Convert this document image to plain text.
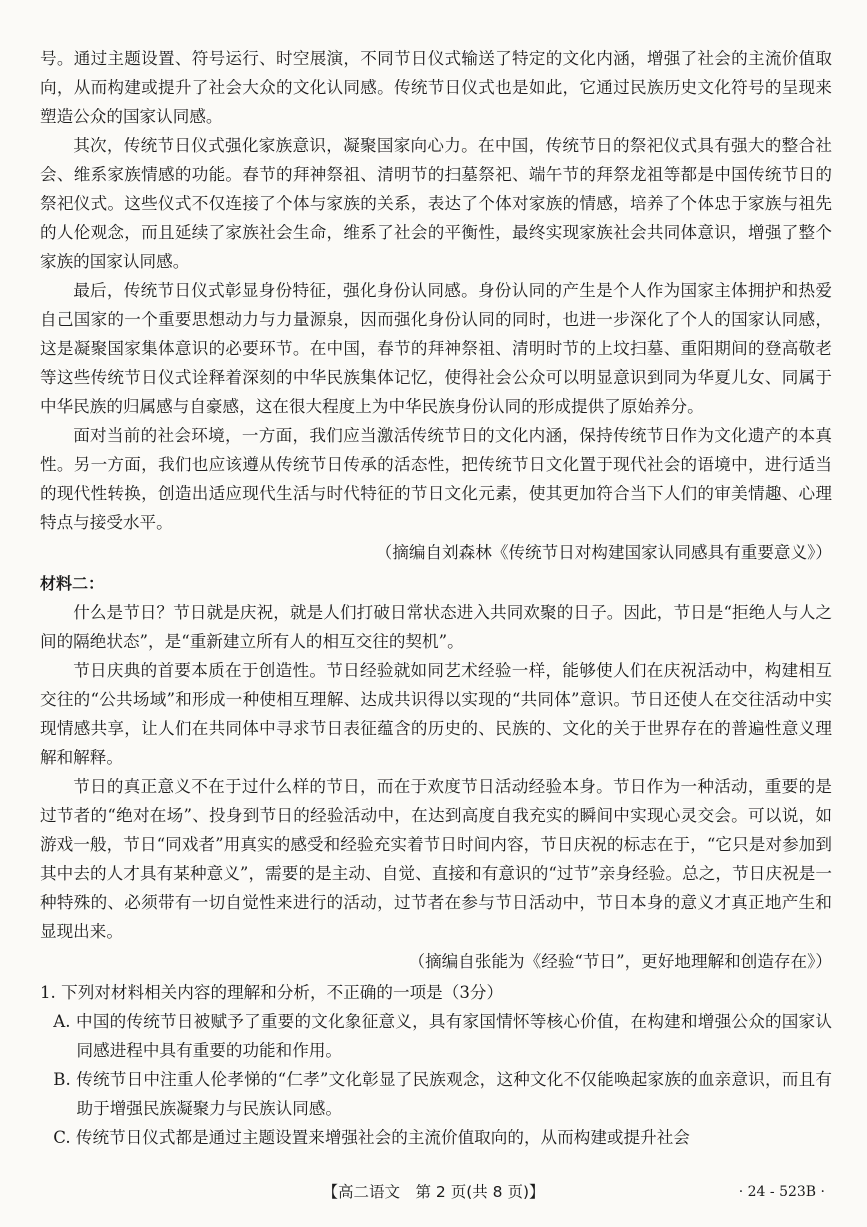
号。通过主题设置、符号运行、时空展演，不同节日仪式输送了特定的文化内涵，增强了社会的主流价值取向，从而构建或提升了社会大众的文化认同感。传统节日仪式也是如此，它通过民族历史文化符号的呈现来塑造公众的国家认同感。

其次，传统节日仪式强化家族意识，凝聚国家向心力。在中国，传统节日的祭祀仪式具有强大的整合社会、维系家族情感的功能。春节的拜神祭祖、清明节的扫墓祭祀、端午节的拜祭龙祖等都是中国传统节日的祭祀仪式。这些仪式不仅连接了个体与家族的关系，表达了个体对家族的情感，培养了个体忠于家族与祖先的人伦观念，而且延续了家族社会生命，维系了社会的平衡性，最终实现家族社会共同体意识，增强了整个家族的国家认同感。

最后，传统节日仪式彰显身份特征，强化身份认同感。身份认同的产生是个人作为国家主体拥护和热爱自己国家的一个重要思想动力与力量源泉，因而强化身份认同的同时，也进一步深化了个人的国家认同感，这是凝聚国家集体意识的必要环节。在中国，春节的拜神祭祖、清明时节的上坟扫墓、重阳期间的登高敬老等这些传统节日仪式诠释着深刻的中华民族集体记忆，使得社会公众可以明显意识到同为华夏儿女、同属于中华民族的归属感与自豪感，这在很大程度上为中华民族身份认同的形成提供了原始养分。

面对当前的社会环境，一方面，我们应当激活传统节日的文化内涵，保持传统节日作为文化遗产的本真性。另一方面，我们也应该遵从传统节日传承的活态性，把传统节日文化置于现代社会的语境中，进行适当的现代性转换，创造出适应现代生活与时代特征的节日文化元素，使其更加符合当下人们的审美情趣、心理特点与接受水平。

（摘编自刘森林《传统节日对构建国家认同感具有重要意义》）

材料二：

什么是节日？节日就是庆祝，就是人们打破日常状态进入共同欢聚的日子。因此，节日是“拒绝人与人之间的隔绝状态”，是“重新建立所有人的相互交往的契机”。

节日庆典的首要本质在于创造性。节日经验就如同艺术经验一样，能够使人们在庆祝活动中，构建相互交往的“公共场域”和形成一种使相互理解、达成共识得以实现的“共同体”意识。节日还使人在交往活动中实现情感共享，让人们在共同体中寻求节日表征蕴含的历史的、民族的、文化的关于世界存在的普遍性意义理解和解释。

节日的真正意义不在于过什么样的节日，而在于欢度节日活动经验本身。节日作为一种活动，重要的是过节者的“绝对在场”、投身到节日的经验活动中，在达到高度自我充实的瞬间中实现心灵交会。可以说，如游戏一般，节日“同戏者”用真实的感受和经验充实着节日时间内容，节日庆祝的标志在于，“它只是对参加到其中去的人才具有某种意义”，需要的是主动、自觉、直接和有意识的“过节”亲身经验。总之，节日庆祝是一种特殊的、必须带有一切自觉性来进行的活动，过节者在参与节日活动中，节日本身的意义才真正地产生和显现出来。

（摘编自张能为《经验“节日”，更好地理解和创造存在》）

1. 下列对材料相关内容的理解和分析，不正确的一项是（3分）

A. 中国的传统节日被赋予了重要的文化象征意义，具有家国情怀等核心价值，在构建和增强公众的国家认同感进程中具有重要的功能和作用。

B. 传统节日中注重人伦孝悌的“仁孝”文化彰显了民族观念，这种文化不仅能唤起家族的血亲意识，而且有助于增强民族凝聚力与民族认同感。

C. 传统节日仪式都是通过主题设置来增强社会的主流价值取向的，从而构建或提升社会

【高二语文　第 2 页(共 8 页)】	· 24 - 523B ·
